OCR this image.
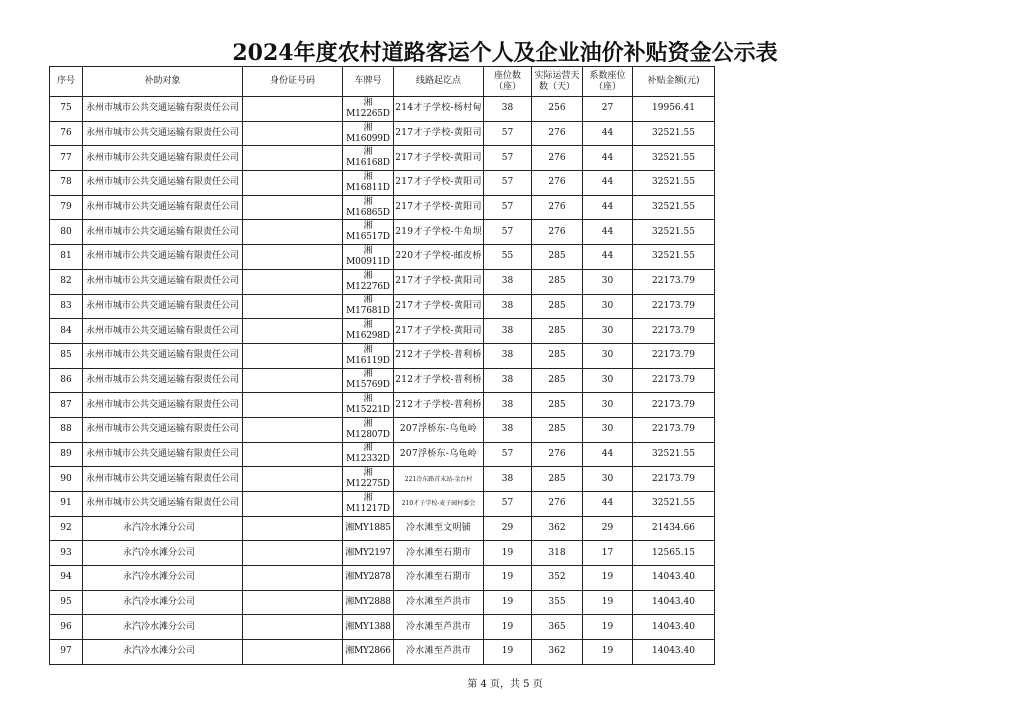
2024年度农村道路客运个人及企业油价补贴资金公示表
序号	补助对象	身份证号码	车牌号	线路起讫点	座位数（座）	实际运营天数（天）	系数座位（座）	补贴金额(元)
75	永州市城市公共交通运输有限责任公司		湘M12265D	214才子学校-杨村甸	38	256	27	19956.41
76	永州市城市公共交通运输有限责任公司		湘M16099D	217才子学校-黄阳司	57	276	44	32521.55
77	永州市城市公共交通运输有限责任公司		湘M16168D	217才子学校-黄阳司	57	276	44	32521.55
78	永州市城市公共交通运输有限责任公司		湘M16811D	217才子学校-黄阳司	57	276	44	32521.55
79	永州市城市公共交通运输有限责任公司		湘M16865D	217才子学校-黄阳司	57	276	44	32521.55
80	永州市城市公共交通运输有限责任公司		湘M16517D	219才子学校-牛角坝	57	276	44	32521.55
81	永州市城市公共交通运输有限责任公司		湘M00911D	220才子学校-邮皮桥	55	285	44	32521.55
82	永州市城市公共交通运输有限责任公司		湘M12276D	217才子学校-黄阳司	38	285	30	22173.79
83	永州市城市公共交通运输有限责任公司		湘M17681D	217才子学校-黄阳司	38	285	30	22173.79
84	永州市城市公共交通运输有限责任公司		湘M16298D	217才子学校-黄阳司	38	285	30	22173.79
85	永州市城市公共交通运输有限责任公司		湘M16119D	212才子学校-普利桥	38	285	30	22173.79
86	永州市城市公共交通运输有限责任公司		湘M15769D	212才子学校-普利桥	38	285	30	22173.79
87	永州市城市公共交通运输有限责任公司		湘M15221D	212才子学校-普利桥	38	285	30	22173.79
88	永州市城市公共交通运输有限责任公司		湘M12807D	207浮桥东-乌龟岭	38	285	30	22173.79
89	永州市城市公共交通运输有限责任公司		湘M12332D	207浮桥东-乌龟岭	57	276	44	32521.55
90	永州市城市公共交通运输有限责任公司		湘M12275D	221冷东路首末站-金台村	38	285	30	22173.79
91	永州市城市公共交通运输有限责任公司		湘M11217D	210才子学校-麦子园村委会	57	276	44	32521.55
92	永汽冷水滩分公司		湘MY1885	冷水滩至文明铺	29	362	29	21434.66
93	永汽冷水滩分公司		湘MY2197	冷水滩至石期市	19	318	17	12565.15
94	永汽冷水滩分公司		湘MY2878	冷水滩至石期市	19	352	19	14043.40
95	永汽冷水滩分公司		湘MY2888	冷水滩至芦洪市	19	355	19	14043.40
96	永汽冷水滩分公司		湘MY1388	冷水滩至芦洪市	19	365	19	14043.40
97	永汽冷水滩分公司		湘MY2866	冷水滩至芦洪市	19	362	19	14043.40
第 4 页，共 5 页
